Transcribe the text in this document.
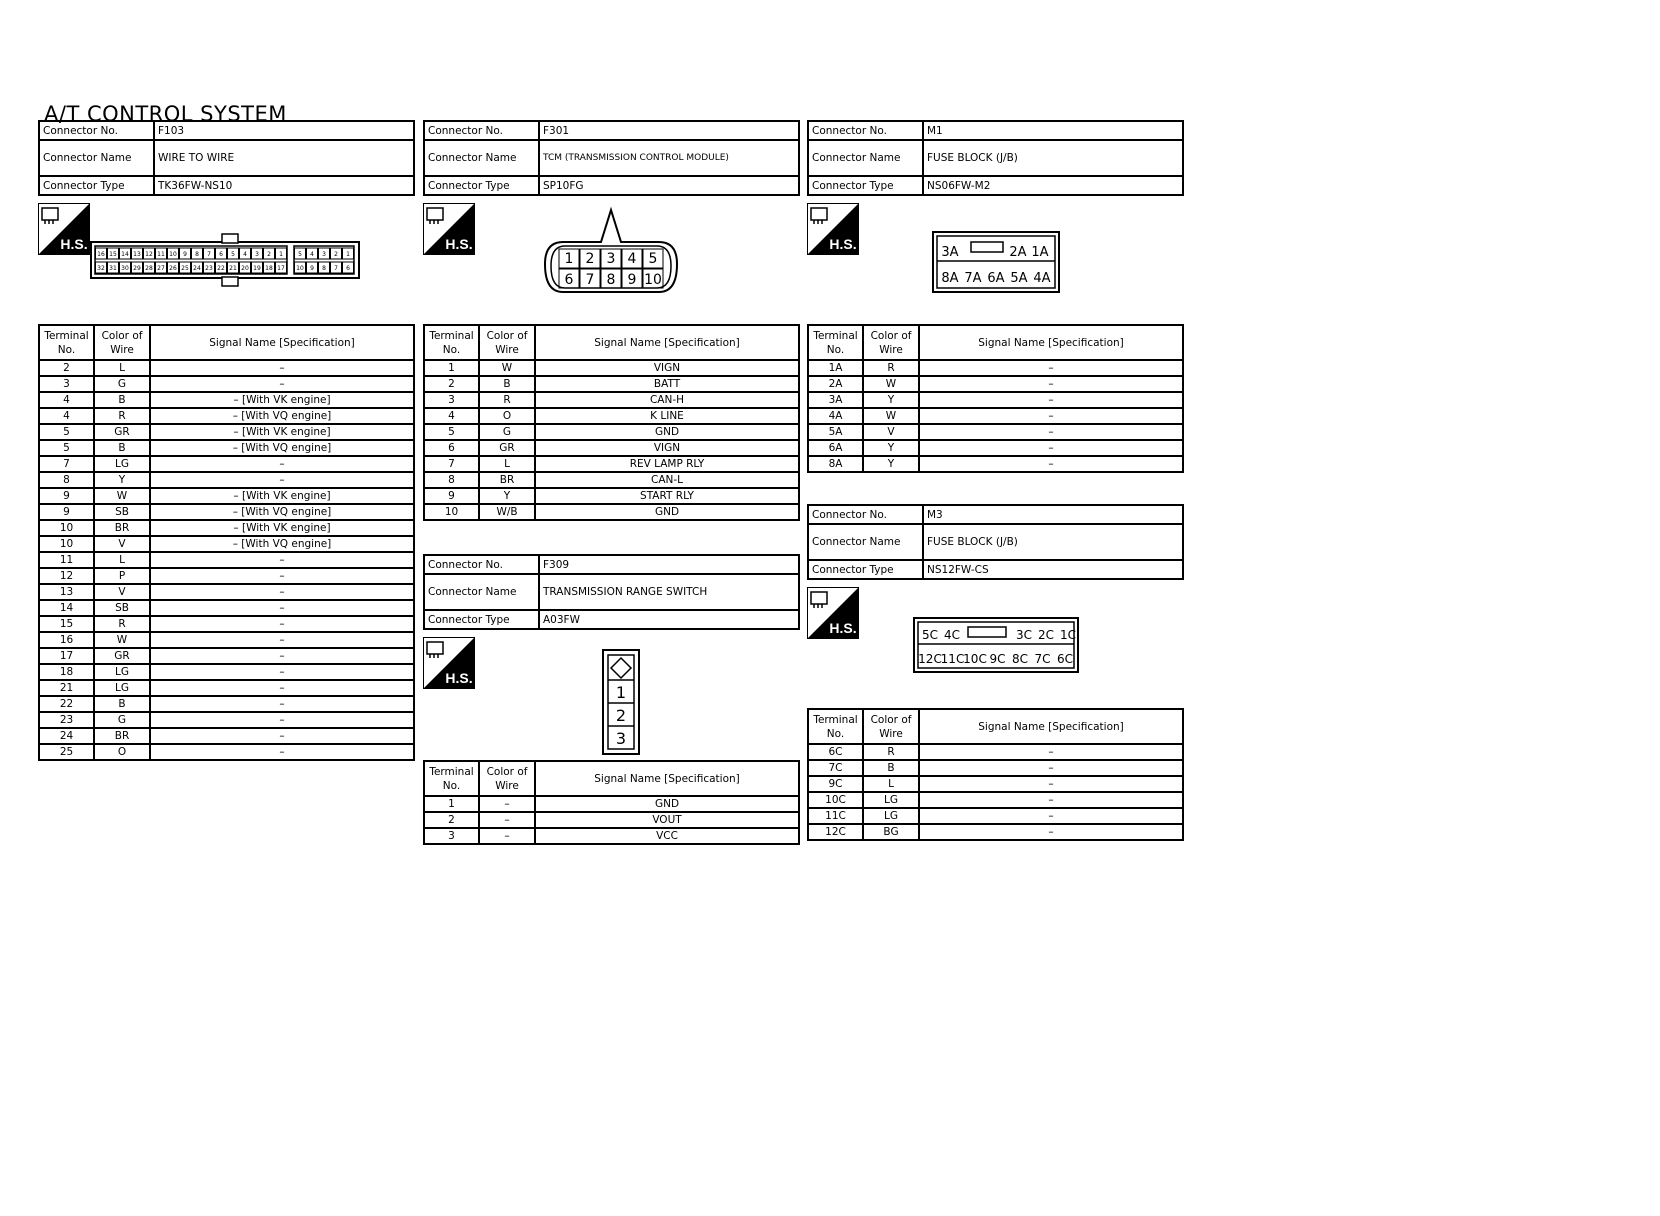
A/T CONTROL SYSTEM
Connector No.	F103
Connector Name	WIRE TO WIRE
Connector Type	TK36FW-NS10
H.S.
16 15 14 13 12 11 10 9 8 7 6 5 4 3 2 1
32 31 30 29 28 27 26 25 24 23 22 21 20 19 18 17
5 4 3 2 1
10 9 8 7 6
Terminal No.	Color of Wire	Signal Name [Specification]
2	L	–
3	G	–
4	B	– [With VK engine]
4	R	– [With VQ engine]
5	GR	– [With VK engine]
5	B	– [With VQ engine]
7	LG	–
8	Y	–
9	W	– [With VK engine]
9	SB	– [With VQ engine]
10	BR	– [With VK engine]
10	V	– [With VQ engine]
11	L	–
12	P	–
13	V	–
14	SB	–
15	R	–
16	W	–
17	GR	–
18	LG	–
21	LG	–
22	B	–
23	G	–
24	BR	–
25	O	–
Connector No.	F301
Connector Name	TCM (TRANSMISSION CONTROL MODULE)
Connector Type	SP10FG
H.S.
1 2 3 4 5
6 7 8 9 10
Terminal No.	Color of Wire	Signal Name [Specification]
1	W	VIGN
2	B	BATT
3	R	CAN-H
4	O	K LINE
5	G	GND
6	GR	VIGN
7	L	REV LAMP RLY
8	BR	CAN-L
9	Y	START RLY
10	W/B	GND
Connector No.	F309
Connector Name	TRANSMISSION RANGE SWITCH
Connector Type	A03FW
H.S.
1
2
3
Terminal No.	Color of Wire	Signal Name [Specification]
1	–	GND
2	–	VOUT
3	–	VCC
Connector No.	M1
Connector Name	FUSE BLOCK (J/B)
Connector Type	NS06FW-M2
H.S.
3A	2A 1A
8A 7A 6A 5A 4A
Terminal No.	Color of Wire	Signal Name [Specification]
1A	R	–
2A	W	–
3A	Y	–
4A	W	–
5A	V	–
6A	Y	–
8A	Y	–
Connector No.	M3
Connector Name	FUSE BLOCK (J/B)
Connector Type	NS12FW-CS
H.S.	5C 4C	3C 2C 1C
12C
11C
10C 9C 8C 7C 6C
Terminal No.	Color of Wire	Signal Name [Specification]
6C	R	–
7C	B	–
9C	L	–
10C	LG	–
11C	LG	–
12C	BG	–
